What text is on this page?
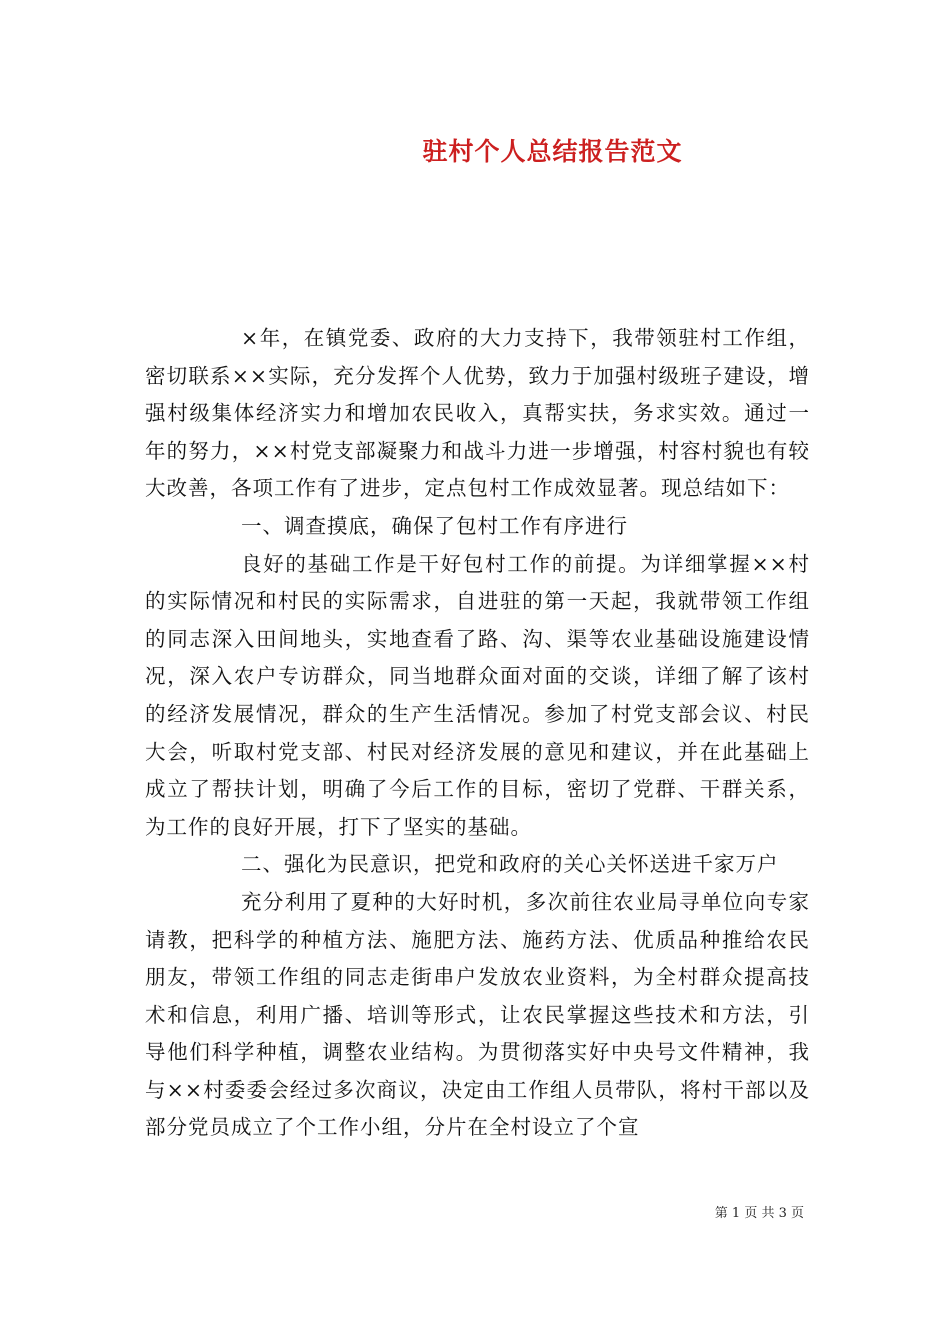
驻村个人总结报告范文

×年，在镇党委、政府的大力支持下，我带领驻村工作组，密切联系××实际，充分发挥个人优势，致力于加强村级班子建设，增强村级集体经济实力和增加农民收入，真帮实扶，务求实效。通过一年的努力，××村党支部凝聚力和战斗力进一步增强，村容村貌也有较大改善，各项工作有了进步，定点包村工作成效显著。现总结如下：

一、调查摸底，确保了包村工作有序进行

良好的基础工作是干好包村工作的前提。为详细掌握××村的实际情况和村民的实际需求，自进驻的第一天起，我就带领工作组的同志深入田间地头，实地查看了路、沟、渠等农业基础设施建设情况，深入农户专访群众，同当地群众面对面的交谈，详细了解了该村的经济发展情况，群众的生产生活情况。参加了村党支部会议、村民大会，听取村党支部、村民对经济发展的意见和建议，并在此基础上成立了帮扶计划，明确了今后工作的目标，密切了党群、干群关系，为工作的良好开展，打下了坚实的基础。

二、强化为民意识，把党和政府的关心关怀送进千家万户

充分利用了夏种的大好时机，多次前往农业局寻单位向专家请教，把科学的种植方法、施肥方法、施药方法、优质品种推给农民朋友，带领工作组的同志走街串户发放农业资料，为全村群众提高技术和信息，利用广播、培训等形式，让农民掌握这些技术和方法，引导他们科学种植，调整农业结构。为贯彻落实好中央号文件精神，我与××村委委会经过多次商议，决定由工作组人员带队，将村干部以及部分党员成立了个工作小组，分片在全村设立了个宣

第 1 页 共 3 页
